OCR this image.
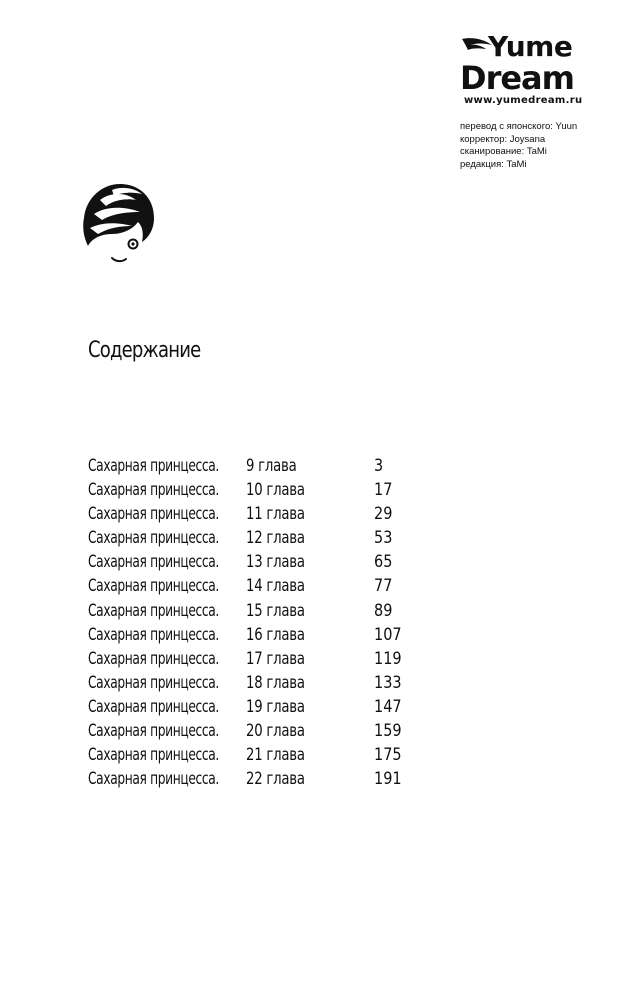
Yume
Dream
www.yumedream.ru
перевод с японского: Yuun
корректор: Joysana
сканирование: TaMi
редакция: TaMi
Содержание
Сахарная принцесса. 9 глава	3
Сахарная принцесса. 10 глава	17
Сахарная принцесса. 11 глава	29
Сахарная принцесса. 12 глава	53
Сахарная принцесса. 13 глава	65
Сахарная принцесса. 14 глава	77
Сахарная принцесса. 15 глава	89
Сахарная принцесса. 16 глава	107
Сахарная принцесса. 17 глава	119
Сахарная принцесса. 18 глава	133
Сахарная принцесса. 19 глава	147
Сахарная принцесса. 20 глава	159
Сахарная принцесса. 21 глава	175
Сахарная принцесса. 22 глава	191
